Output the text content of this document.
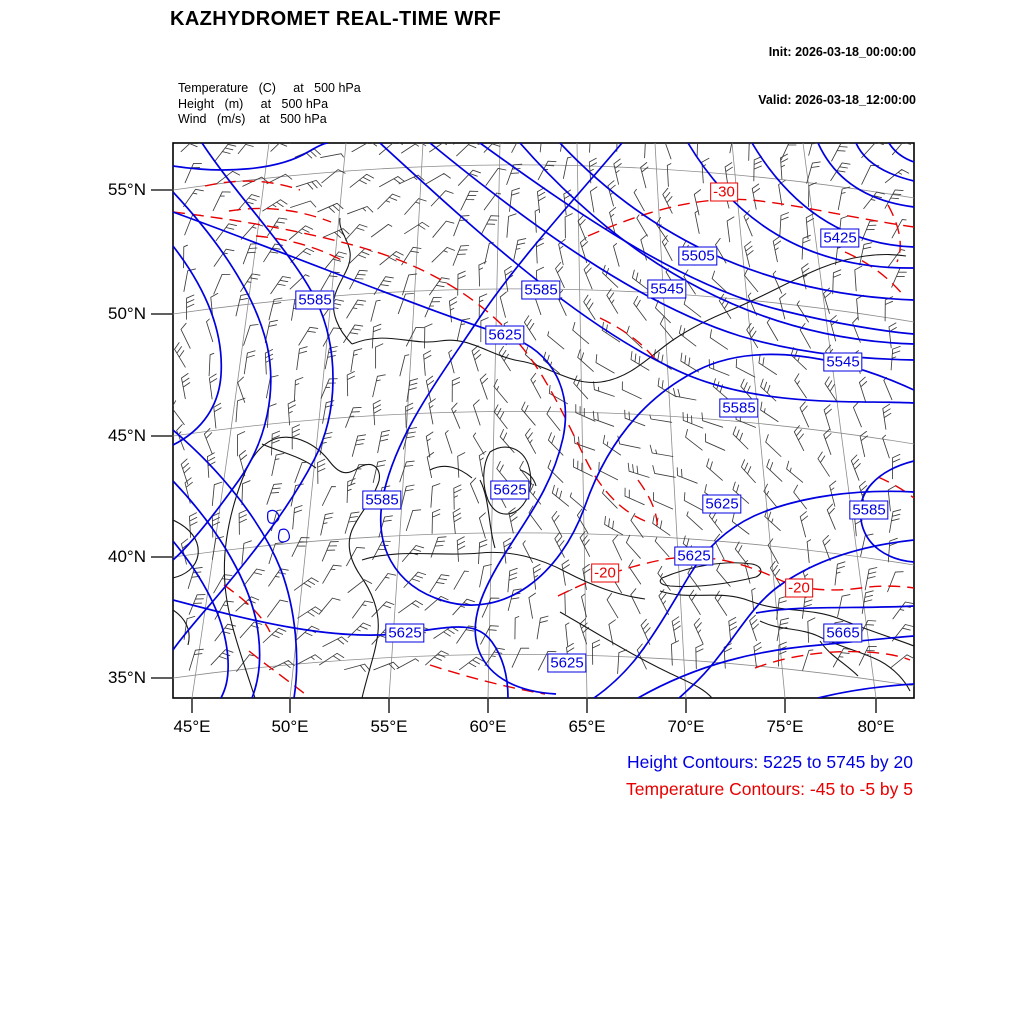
KAZHYDROMET REAL-TIME WRF

Init: 2026-03-18_00:00:00

Valid: 2026-03-18_12:00:00

Temperature   (C)     at   500 hPa
Height   (m)     at   500 hPa
Wind   (m/s)    at   500 hPa
5585
5585
5505
5545
5425
5625
5545
5585
5585
5625
5625	5585
5625
5625
5625
5665
-30
-20
-20
55°N
50°N
45°N
40°N
35°N
45°E	50°E	55°E	60°E	65°E	70°E	75°E	80°E
Height Contours: 5225 to 5745 by 20
Temperature Contours: -45 to -5 by 5
